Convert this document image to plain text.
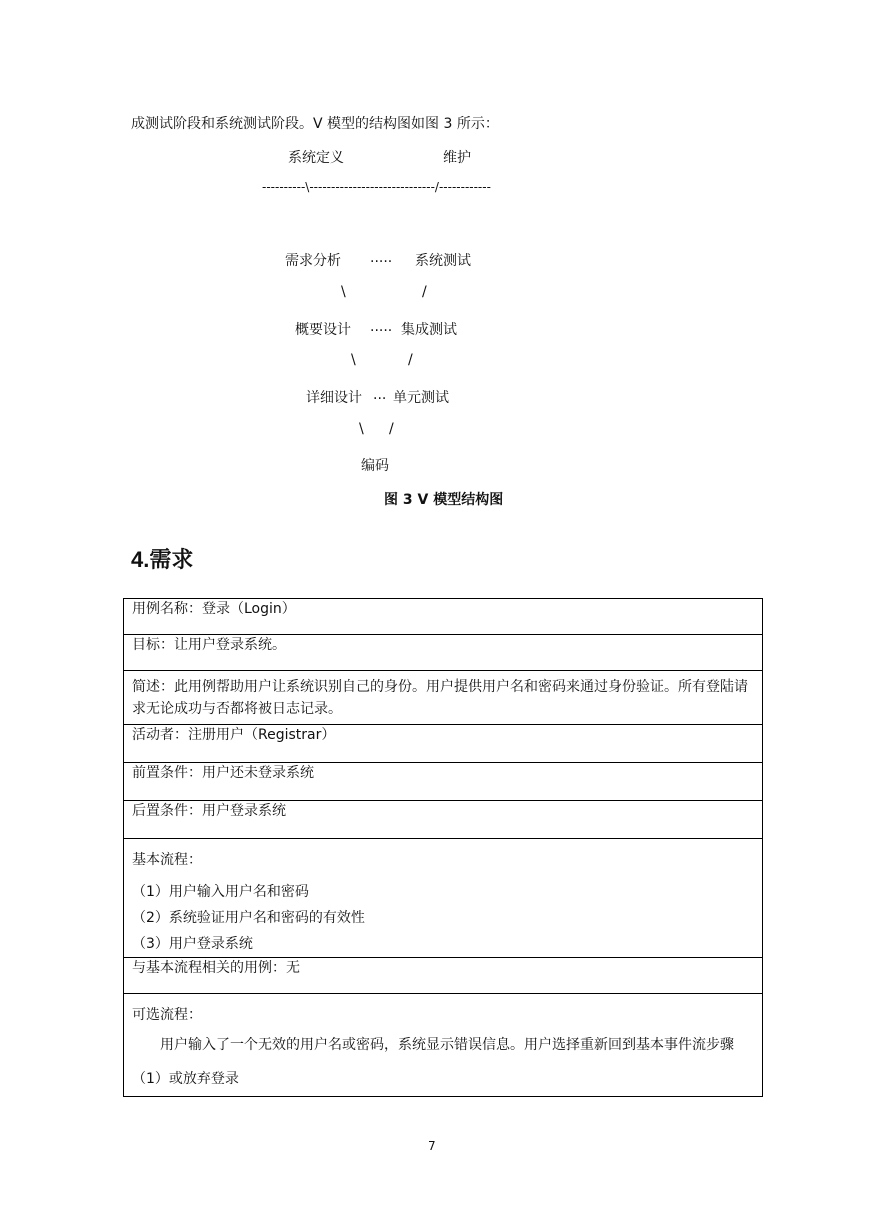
成测试阶段和系统测试阶段。V 模型的结构图如图 3 所示：
系统定义	维护
----------\-----------------------------/------------
需求分析 ..... 系统测试
\	/
概要设计 ..... 集成测试
\	/
详细设计 ... 单元测试
\ /
编码
图 3 V 模型结构图
4.需求
用例名称：登录（Login）
目标：让用户登录系统。
简述：此用例帮助用户让系统识别自己的身份。用户提供用户名和密码来通过身份验证。所有登陆请求无论成功与否都将被日志记录。
活动者：注册用户（Registrar）
前置条件：用户还未登录系统
后置条件：用户登录系统

基本流程：
（1）用户输入用户名和密码
（2）系统验证用户名和密码的有效性
（3）用户登录系统

与基本流程相关的用例：无

可选流程：
用户输入了一个无效的用户名或密码，系统显示错误信息。用户选择重新回到基本事件流步骤（1）或放弃登录
7
